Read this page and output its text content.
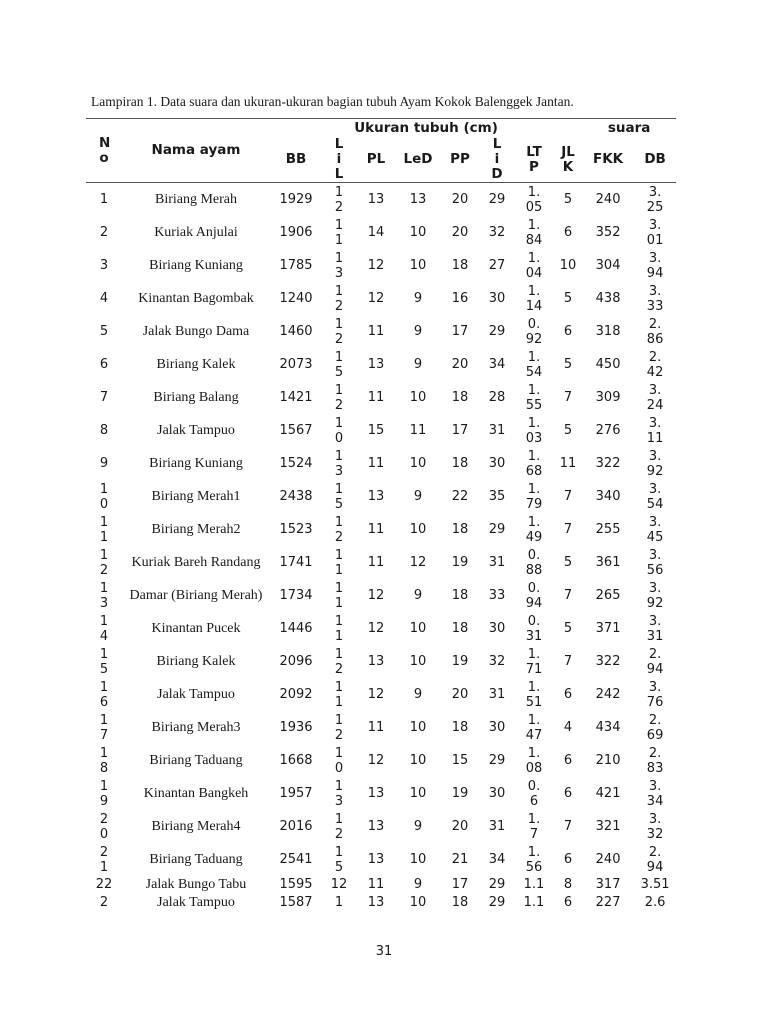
Lampiran 1. Data suara dan ukuran-ukuran bagian tubuh Ayam Kokok Balenggek Jantan.
No	Nama ayam	Ukuran tubuh (cm)								suara	
		BB	LiL	PL	LeD	PP	LiD	LTP	JLK	FKK	DB

1	Biriang Merah	1929	12	13	13	20	29	1.05	5	240	3.25

2	Kuriak Anjulai	1906	11	14	10	20	32	1.84	6	352	3.01

3	Biriang Kuniang	1785	13	12	10	18	27	1.04	10	304	3.94

4	Kinantan Bagombak	1240	12	12	9	16	30	1.14	5	438	3.33

5	Jalak Bungo Dama	1460	12	11	9	17	29	0.92	6	318	2.86

6	Biriang Kalek	2073	15	13	9	20	34	1.54	5	450	2.42

7	Biriang Balang	1421	12	11	10	18	28	1.55	7	309	3.24

8	Jalak Tampuo	1567	10	15	11	17	31	1.03	5	276	3.11

9	Biriang Kuniang	1524	13	11	10	18	30	1.68	11	322	3.92

10	Biriang Merah1	2438	15	13	9	22	35	1.79	7	340	3.54

11	Biriang Merah2	1523	12	11	10	18	29	1.49	7	255	3.45

12	Kuriak Bareh Randang	1741	11	11	12	19	31	0.88	5	361	3.56

13	Damar (Biriang Merah)	1734	11	12	9	18	33	0.94	7	265	3.92

14	Kinantan Pucek	1446	11	12	10	18	30	0.31	5	371	3.31

15	Biriang Kalek	2096	12	13	10	19	32	1.71	7	322	2.94

16	Jalak Tampuo	2092	11	12	9	20	31	1.51	6	242	3.76

17	Biriang Merah3	1936	12	11	10	18	30	1.47	4	434	2.69

18	Biriang Taduang	1668	10	12	10	15	29	1.08	6	210	2.83

19	Kinantan Bangkeh	1957	13	13	10	19	30	0.6	6	421	3.34

20	Biriang Merah4	2016	12	13	9	20	31	1.7	7	321	3.32

21	Biriang Taduang	2541	15	13	10	21	34	1.56	6	240	2.94

22	Jalak Bungo Tabu	1595	12	11	9	17	29	1.1	8	317	3.51
2	Jalak Tampuo	1587	1	13	10	18	29	1.1	6	227	2.6
31
